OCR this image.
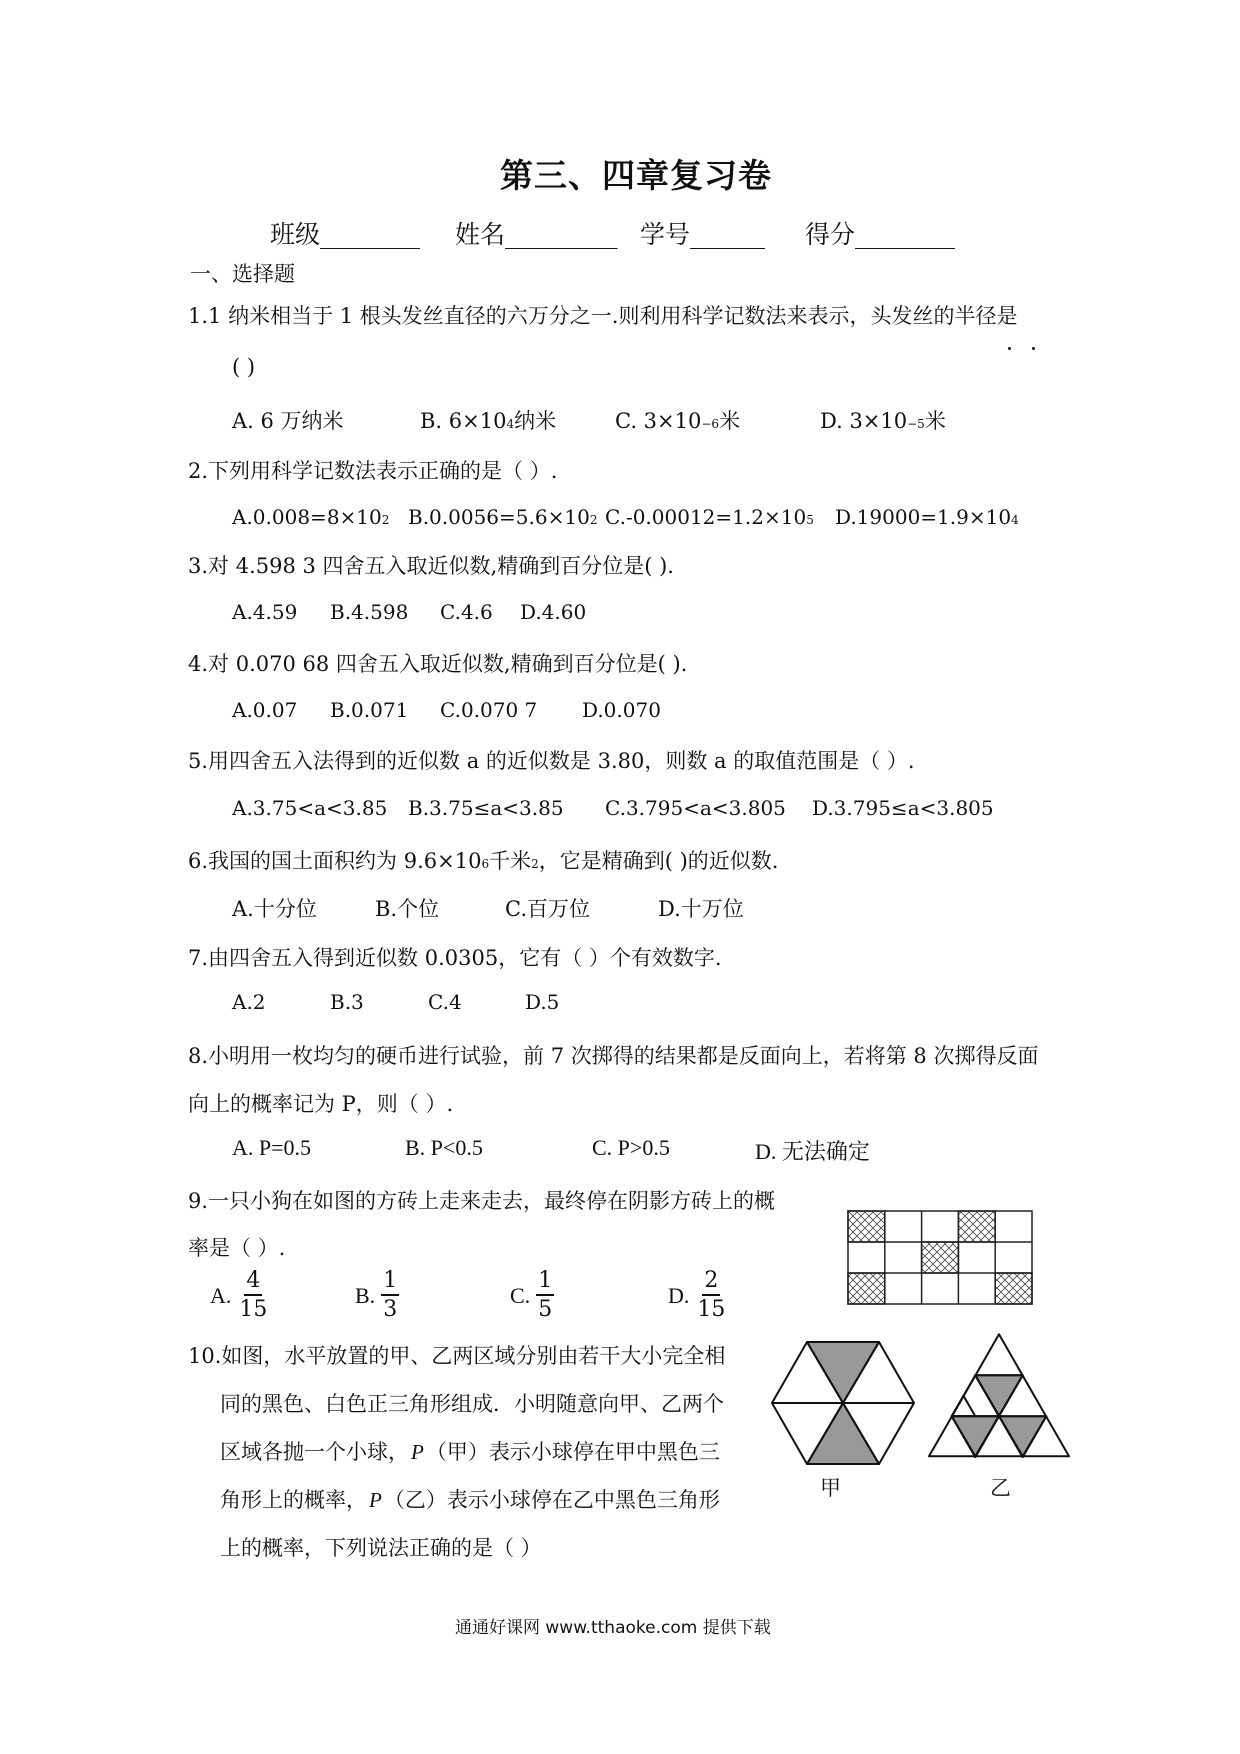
第三、四章复习卷
班级________ 姓名_________ 学号______ 得分________
一、选择题
1.1 纳米相当于 1 根头发丝直径的六万分之一.则利用科学记数法来表示，头发丝的半径是
( )
A. 6 万纳米	B. 6×10 4 纳米	C. 3×10 −6 米	D. 3×10 −5 米
2.下列用科学记数法表示正确的是（ ）.
A.0.008=8×10 2 B.0.0056=5.6×10 2 C.-0.00012=1.2×10 5 D.19000=1.9×10 4
3.对 4.598 3 四舍五入取近似数,精确到百分位是( ).
A.4.59 B.4.598 C.4.6 D.4.60
4.对 0.070 68 四舍五入取近似数,精确到百分位是( ).
A.0.07 B.0.071 C.0.070 7 D.0.070
5.用四舍五入法得到的近似数 a 的近似数是 3.80，则数 a 的取值范围是（ ）.
A.3.75<a<3.85 B.3.75≤a<3.85 C.3.795<a<3.805 D.3.795≤a<3.805
6.我国的国土面积约为 9.6×10 6 千米 2 ，它是精确到( )的近似数.
A.十分位	B.个位	C.百万位	D.十万位
7.由四舍五入得到近似数 0.0305，它有（ ）个有效数字.
A.2	B.3	C.4	D.5
8.小明用一枚均匀的硬币进行试验，前 7 次掷得的结果都是反面向上，若将第 8 次掷得反面
向上的概率记为 P，则（ ）.
A. P=0.5	B. P<0.5	C. P>0.5	D. 无法确定
9.一只小狗在如图的方砖上走来走去，最终停在阴影方砖上的概
率是（ ）.
A. $\frac{4}{15}$	B. $\frac{1}{3}$	C. $\frac{1}{5}$	D. $\frac{2}{15}$
10.如图，水平放置的甲、乙两区域分别由若干大小完全相
同的黑色、白色正三角形组成．小明随意向甲、乙两个
区域各抛一个小球， P （甲）表示小球停在甲中黑色三
角形上的概率， P （乙）表示小球停在乙中黑色三角形
上的概率，下列说法正确的是（ ）
甲	乙
通通好课网 www.tthaoke.com 提供下载
